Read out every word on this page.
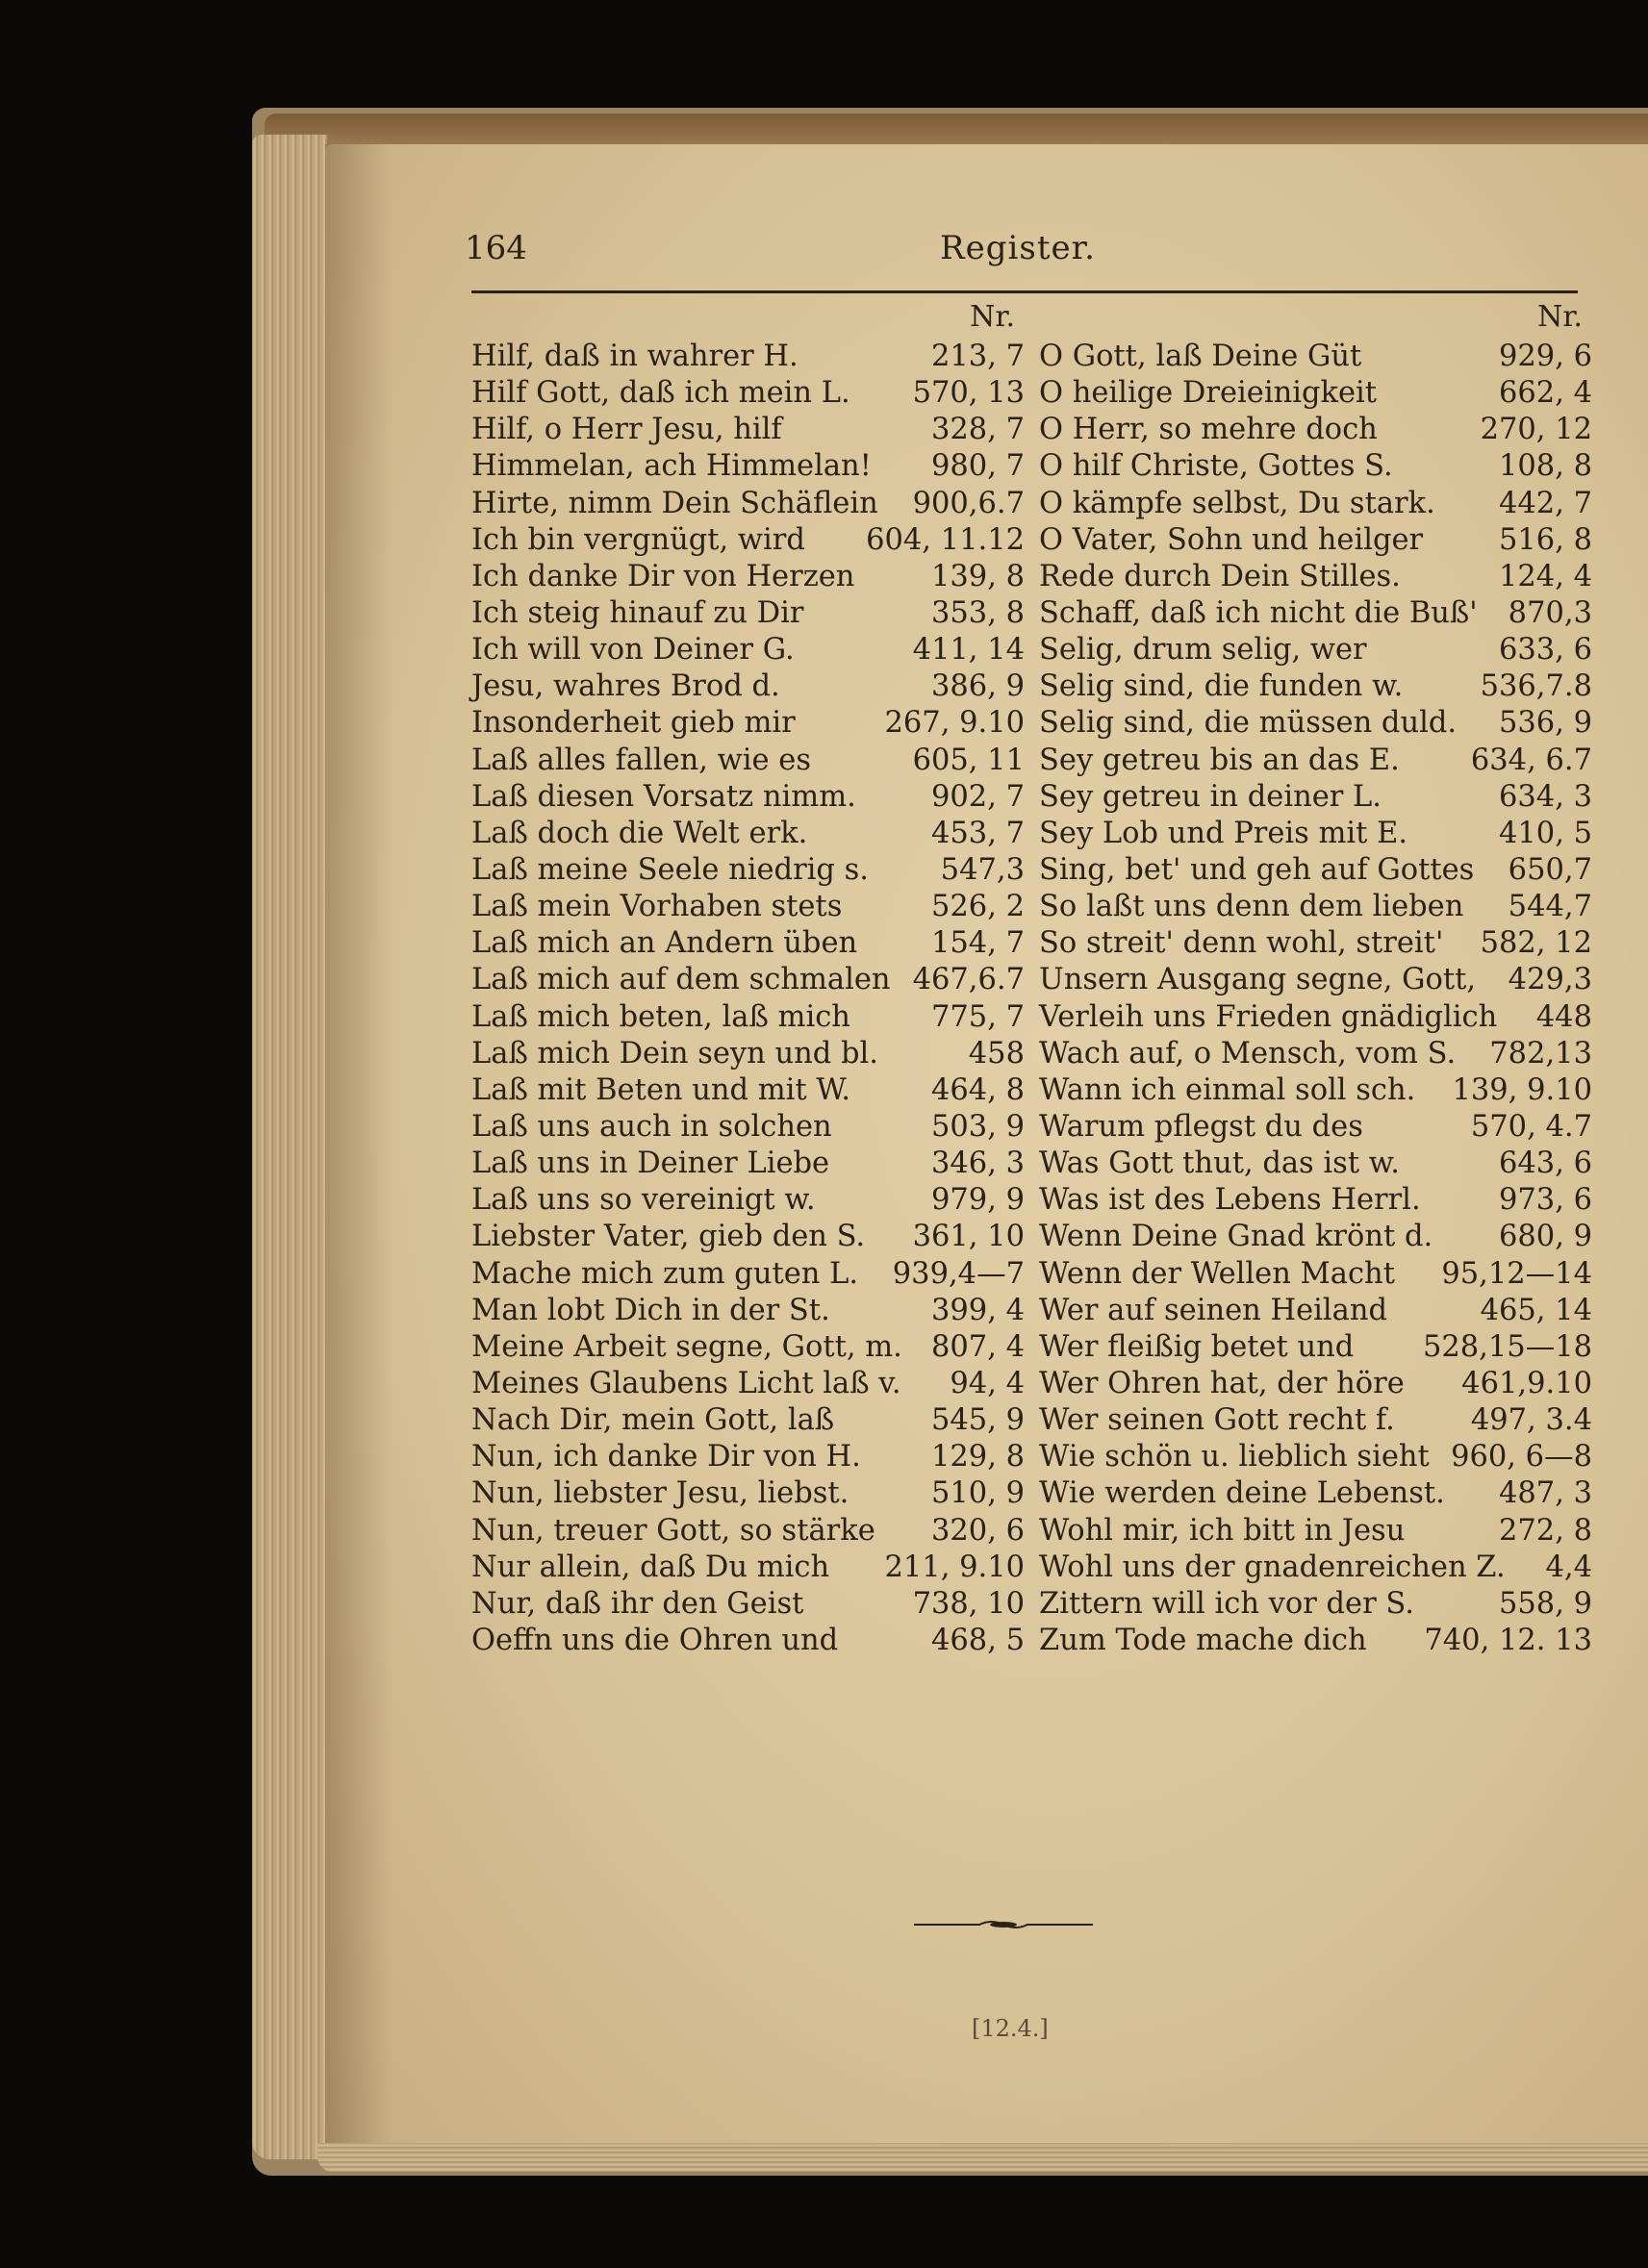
164	Register.
Nr.
Hilf, daß in wahrer H.	213, 7
Hilf Gott, daß ich mein L.	570, 13
Hilf, o Herr Jesu, hilf	328, 7
Himmelan, ach Himmelan!	980, 7
Hirte, nimm Dein Schäflein	900,6.7
Ich bin vergnügt, wird	604, 11.12
Ich danke Dir von Herzen	139, 8
Ich steig hinauf zu Dir	353, 8
Ich will von Deiner G.	411, 14
Jesu, wahres Brod d.	386, 9
Insonderheit gieb mir	267, 9.10
Laß alles fallen, wie es	605, 11
Laß diesen Vorsatz nimm.	902, 7
Laß doch die Welt erk.	453, 7
Laß meine Seele niedrig s.	547,3
Laß mein Vorhaben stets	526, 2
Laß mich an Andern üben	154, 7
Laß mich auf dem schmalen 467,6.7
Laß mich beten, laß mich	775, 7
Laß mich Dein seyn und bl.	458
Laß mit Beten und mit W.	464, 8
Laß uns auch in solchen	503, 9
Laß uns in Deiner Liebe	346, 3
Laß uns so vereinigt w.	979, 9
Liebster Vater, gieb den S.	361, 10
Mache mich zum guten L.	939,4—7
Man lobt Dich in der St.	399, 4
Meine Arbeit segne, Gott, m. 807, 4
Meines Glaubens Licht laß v.	94, 4
Nach Dir, mein Gott, laß	545, 9
Nun, ich danke Dir von H.	129, 8
Nun, liebster Jesu, liebst.	510, 9
Nun, treuer Gott, so stärke	320, 6
Nur allein, daß Du mich	211, 9.10
Nur, daß ihr den Geist	738, 10
Oeffn uns die Ohren und	468, 5
Nr.
O Gott, laß Deine Güt	929, 6
O heilige Dreieinigkeit	662, 4
O Herr, so mehre doch	270, 12
O hilf Christe, Gottes S.	108, 8
O kämpfe selbst, Du stark.	442, 7
O Vater, Sohn und heilger	516, 8
Rede durch Dein Stilles.	124, 4
Schaff, daß ich nicht die Buß'	870,3
Selig, drum selig, wer	633, 6
Selig sind, die funden w.	536,7.8
Selig sind, die müssen duld.	536, 9
Sey getreu bis an das E.	634, 6.7
Sey getreu in deiner L.	634, 3
Sey Lob und Preis mit E.	410, 5
Sing, bet' und geh auf Gottes	650,7
So laßt uns denn dem lieben	544,7
So streit' denn wohl, streit'	582, 12
Unsern Ausgang segne, Gott,	429,3
Verleih uns Frieden gnädiglich	448
Wach auf, o Mensch, vom S.	782,13
Wann ich einmal soll sch.	139, 9.10
Warum pflegst du des	570, 4.7
Was Gott thut, das ist w.	643, 6
Was ist des Lebens Herrl.	973, 6
Wenn Deine Gnad krönt d.	680, 9
Wenn der Wellen Macht	95,12—14
Wer auf seinen Heiland	465, 14
Wer fleißig betet und	528,15—18
Wer Ohren hat, der höre	461,9.10
Wer seinen Gott recht f.	497, 3.4
Wie schön u. lieblich sieht 960, 6—8
Wie werden deine Lebenst.	487, 3
Wohl mir, ich bitt in Jesu	272, 8
Wohl uns der gnadenreichen Z.	4,4
Zittern will ich vor der S.	558, 9
Zum Tode mache dich	740, 12. 13
[12.4.]
